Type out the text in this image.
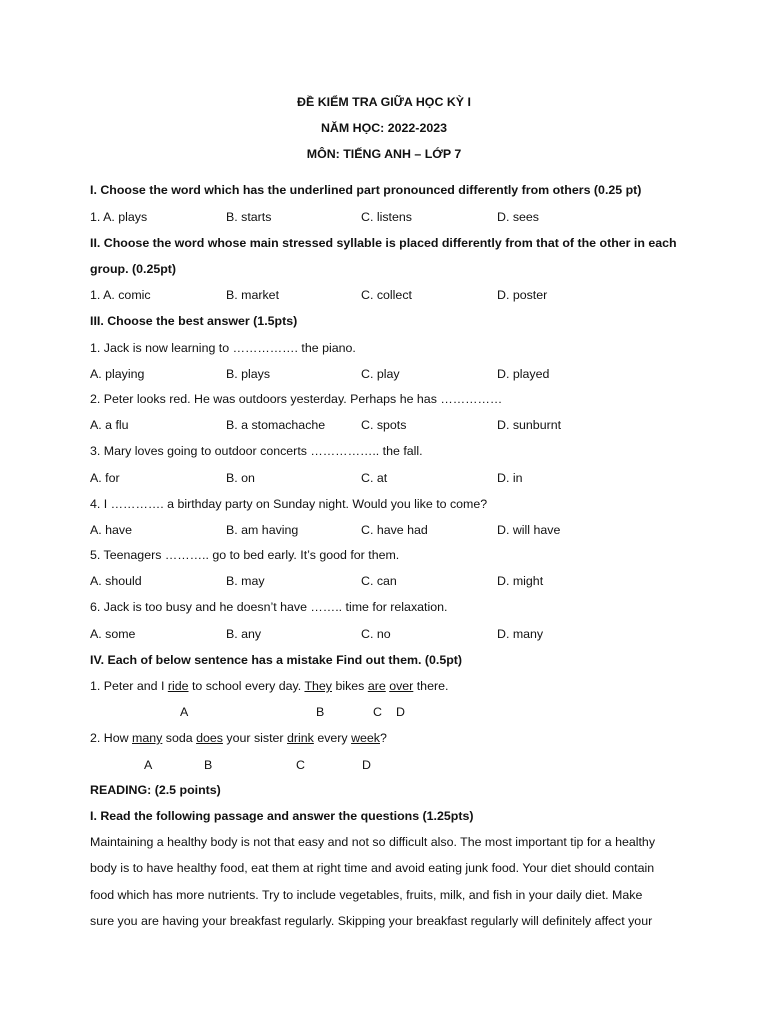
ĐỀ KIỂM TRA GIỮA HỌC KỲ I
NĂM HỌC: 2022-2023
MÔN: TIẾNG ANH – LỚP 7
I. Choose the word which has the underlined part pronounced differently from others (0.25 pt)
1. A. plays	B. starts	C. listens	D. sees
II. Choose the word whose main stressed syllable is placed differently from that of the other in each
group. (0.25pt)
1. A. comic	B. market	C. collect	D. poster
III. Choose the best answer (1.5pts)
1. Jack is now learning to ……………. the piano.
A. playing	B. plays	C. play	D. played
2. Peter looks red. He was outdoors yesterday. Perhaps he has ……………
A. a flu	B. a stomachache	C. spots	D. sunburnt
3. Mary loves going to outdoor concerts …………….. the fall.
A. for	B. on	C. at	D. in
4. I …………. a birthday party on Sunday night. Would you like to come?
A. have	B. am having	C. have had	D. will have
5. Teenagers ……….. go to bed early. It’s good for them.
A. should	B. may	C. can	D. might
6. Jack is too busy and he doesn’t have …….. time for relaxation.
A. some	B. any	C. no	D. many
IV. Each of below sentence has a mistake Find out them. (0.5pt)
1. Peter and I ride to school every day. They bikes are over there.
A	B	C D
2. How many soda does your sister drink every week?
A	B	C	D
READING: (2.5 points)
I. Read the following passage and answer the questions (1.25pts)
Maintaining a healthy body is not that easy and not so difficult also. The most important tip for a healthy
body is to have healthy food, eat them at right time and avoid eating junk food. Your diet should contain
food which has more nutrients. Try to include vegetables, fruits, milk, and fish in your daily diet. Make
sure you are having your breakfast regularly. Skipping your breakfast regularly will definitely affect your
